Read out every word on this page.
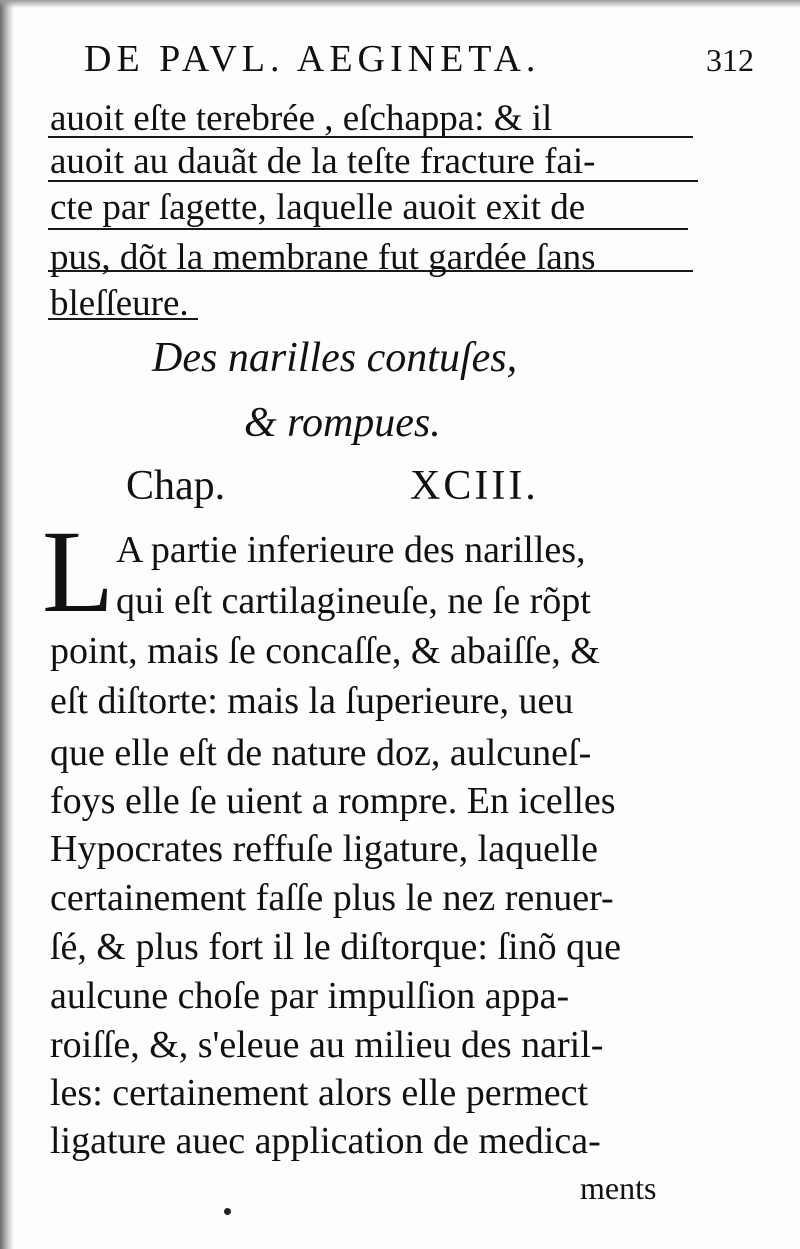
DE PAVL. AEGINETA.	312
auoit eſte terebrée , eſchappa: & il
auoit au dauãt de la teſte fracture fai-
cte par ſagette, laquelle auoit exit de
pus, dõt la membrane fut gardée ſans
bleſſeure.
Des narilles contuſes,
& rompues.
Chap.	XCIII.
L A partie inferieure des narilles,
qui eſt cartilagineuſe, ne ſe rõpt
point, mais ſe concaſſe, & abaiſſe, &
eſt diſtorte: mais la ſuperieure, ueu
que elle eſt de nature doz, aulcuneſ-
foys elle ſe uient a rompre. En icelles
Hypocrates reffuſe ligature, laquelle
certainement faſſe plus le nez renuer-
ſé, & plus fort il le diſtorque: ſinõ que
aulcune choſe par impulſion appa-
roiſſe, &, s'eleue au milieu des naril-
les: certainement alors elle permect
ligature auec application de medica-
ments
